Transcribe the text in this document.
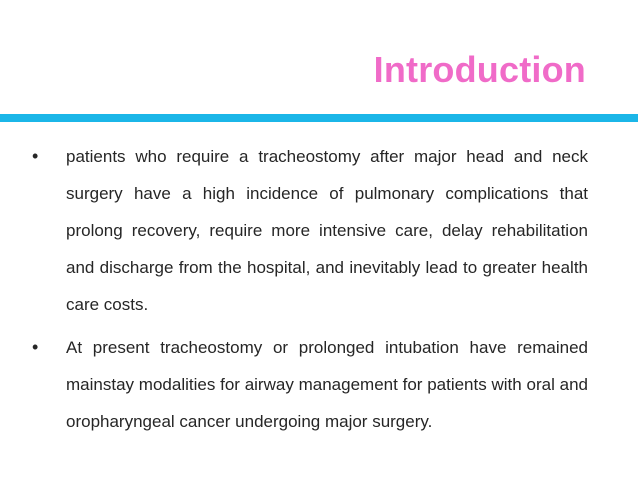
Introduction
• patients who require a tracheostomy after major head and neck surgery have a high incidence of pulmonary complications that prolong recovery, require more intensive care, delay rehabilitation and discharge from the hospital, and inevitably lead to greater health care costs.
• At present tracheostomy or prolonged intubation have remained mainstay modalities for airway management for patients with oral and oropharyngeal cancer undergoing major surgery.
